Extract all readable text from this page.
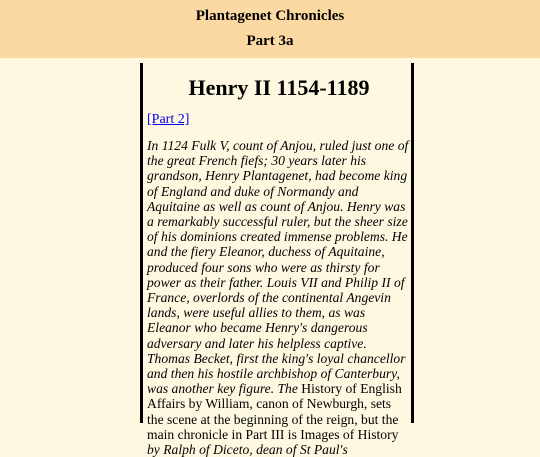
Plantagenet Chronicles
Part 3a
Henry II 1154-1189
[Part 2]

In 1124 Fulk V, count of Anjou, ruled just one of the great French fiefs; 30 years later his grandson, Henry Plantagenet, had become king of England and duke of Normandy and Aquitaine as well as count of Anjou. Henry was a remarkably successful ruler, but the sheer size of his dominions created immense problems. He and the fiery Eleanor, duchess of Aquitaine, produced four sons who were as thirsty for power as their father. Louis VII and Philip II of France, overlords of the continental Angevin lands, were useful allies to them, as was Eleanor who became Henry's dangerous adversary and later his helpless captive. Thomas Becket, first the king's loyal chancellor and then his hostile archbishop of Canterbury, was another key figure. The History of English Affairs by William, canon of Newburgh, sets the scene at the beginning of the reign, but the main chronicle in Part III is Images of History by Ralph of Diceto, dean of St Paul's
